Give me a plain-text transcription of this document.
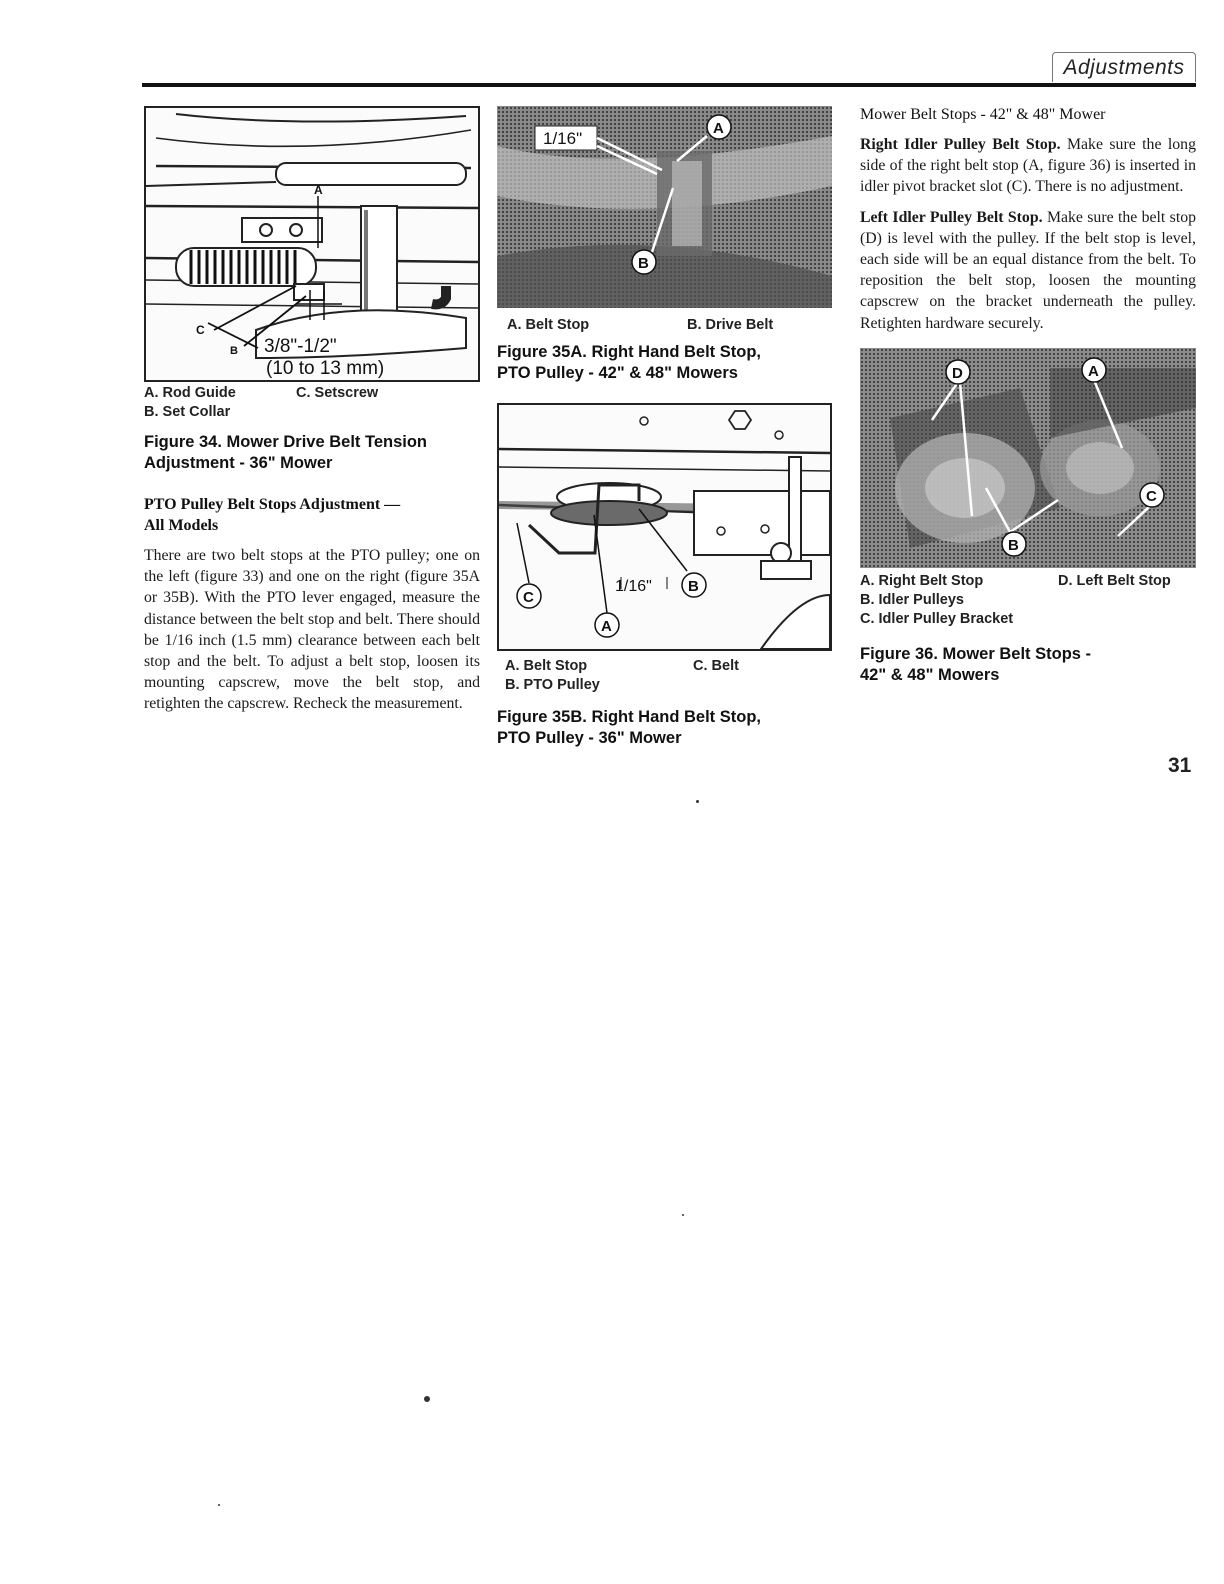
Adjustments
A
C
B 3/8"-1/2"
(10 to 13 mm)
A. Rod Guide
B. Set Collar
C. Setscrew
Figure 34. Mower Drive Belt Tension Adjustment - 36" Mower
PTO Pulley Belt Stops Adjustment —
All Models

There are two belt stops at the PTO pulley; one on the left (figure 33) and one on the right (figure 35A or 35B). With the PTO lever engaged, measure the distance between the belt stop and belt. There should be 1/16 inch (1.5 mm) clearance between each belt stop and the belt. To adjust a belt stop, loosen its mounting capscrew, move the belt stop, and retighten the capscrew. Recheck the measurement.

1/16"
A
B
A. Belt Stop	B. Drive Belt
Figure 35A. Right Hand Belt Stop,
PTO Pulley - 42" & 48" Mowers
1/16" B
C
A
A. Belt Stop
B. PTO Pulley
C. Belt
Figure 35B. Right Hand Belt Stop,
PTO Pulley - 36" Mower
Mower Belt Stops - 42" & 48" Mower

Right Idler Pulley Belt Stop. Make sure the long side of the right belt stop (A, figure 36) is inserted in idler pivot bracket slot (C). There is no adjustment.

Left Idler Pulley Belt Stop. Make sure the belt stop (D) is level with the pulley. If the belt stop is level, each side will be an equal distance from the belt. To reposition the belt stop, loosen the mounting capscrew on the bracket underneath the pulley. Retighten hardware securely.

D	A
C
B
A. Right Belt Stop
B. Idler Pulleys
C. Idler Pulley Bracket
D. Left Belt Stop
Figure 36. Mower Belt Stops -
42" & 48" Mowers
31
